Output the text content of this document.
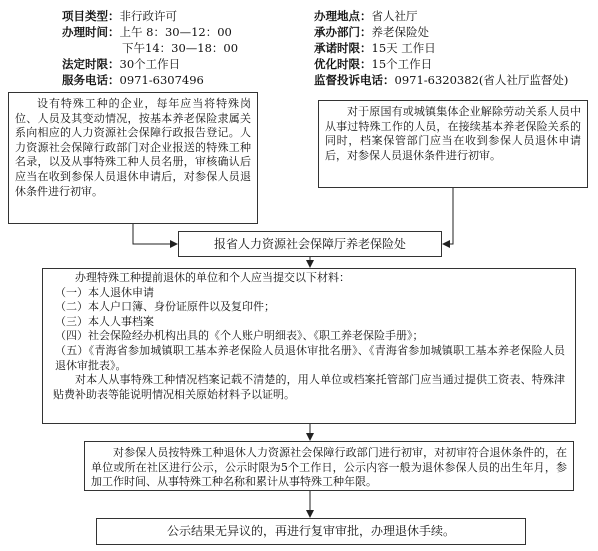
项目类型：非行政许可
办理时间：上午 8：30—12：00
下午14：30—18：00
法定时限：30个工作日
服务电话：0971-6307496
办理地点：省人社厅
承办部门：养老保险处
承诺时限：15天 工作日
优化时限：15个工作日
监督投诉电话：0971-6320382(省人社厅监督处)

设有特殊工种的企业，每年应当将特殊岗位、人员及其变动情况，按基本养老保险隶属关系向相应的人力资源社会保障行政报告登记。人力资源社会保障行政部门对企业报送的特殊工种名录，以及从事特殊工种人员名册，审核确认后应当在收到参保人员退休申请后，对参保人员退休条件进行初审。

对于原国有或城镇集体企业解除劳动关系人员中从事过特殊工作的人员，在接续基本养老保险关系的同时，档案保管部门应当在收到参保人员退休申请后，对参保人员退休条件进行初审。

报省人力资源社会保障厅养老保险处

办理特殊工种提前退休的单位和个人应当提交以下材料：

（一）本人退休申请
（二）本人户口簿、身份证原件以及复印件；
（三）本人人事档案
（四）社会保险经办机构出具的《个人账户明细表》、《职工养老保险手册》；
（五）《青海省参加城镇职工基本养老保险人员退休审批名册》、《青海省参加城镇职工基本养老保险人员退休审批表》。

对本人从事特殊工种情况档案记载不清楚的，用人单位或档案托管部门应当通过提供工资表、特殊津贴费补助表等能说明情况相关原始材料予以证明。

对参保人员按特殊工种退休人力资源社会保障行政部门进行初审，对初审符合退休条件的，在单位或所在社区进行公示，公示时限为5个工作日，公示内容一般为退休参保人员的出生年月，参加工作时间、从事特殊工种名称和累计从事特殊工种年限。

公示结果无异议的，再进行复审审批，办理退休手续。
